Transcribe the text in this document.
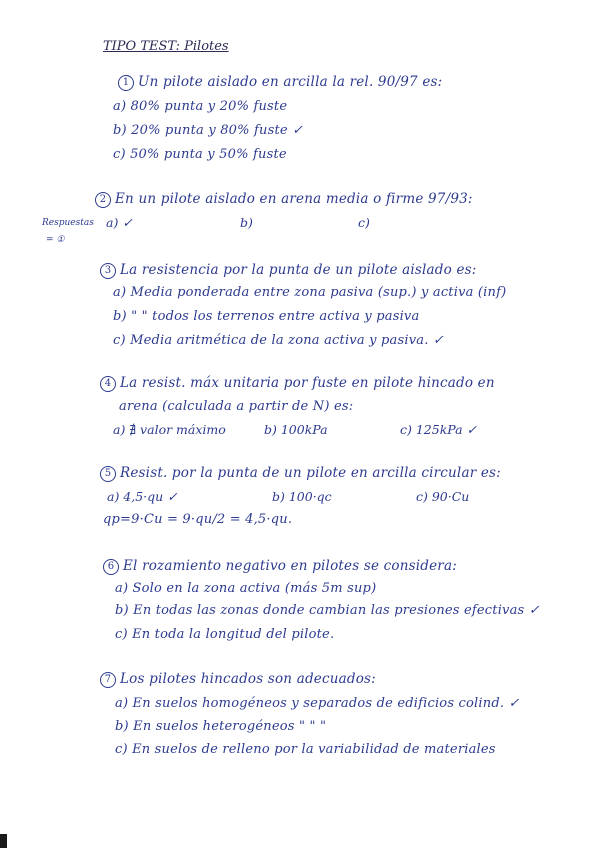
TIPO TEST: Pilotes
1 Un pilote aislado en arcilla la rel. 90/97 es:
a) 80% punta y 20% fuste
b) 20% punta y 80% fuste ✓
c) 50% punta y 50% fuste
2 En un pilote aislado en arena media o firme 97/93:
Respuestas
= ①
a) ✓	b)	c)
3 La resistencia por la punta de un pilote aislado es:
a) Media ponderada entre zona pasiva (sup.) y activa (inf)
b) " " todos los terrenos entre activa y pasiva
c) Media aritmética de la zona activa y pasiva. ✓
4 La resist. máx unitaria por fuste en pilote hincado en
arena (calculada a partir de N) es:
a) ∄ valor máximo	b) 100kPa	c) 125kPa ✓
5 Resist. por la punta de un pilote en arcilla circular es:
a) 4,5·qu ✓	b) 100·qc	c) 90·Cu
qp=9·Cu = 9·qu/2 = 4,5·qu.
6 El rozamiento negativo en pilotes se considera:
a) Solo en la zona activa (más 5m sup)
b) En todas las zonas donde cambian las presiones efectivas ✓
c) En toda la longitud del pilote.
7 Los pilotes hincados son adecuados:
a) En suelos homogéneos y separados de edificios colind. ✓
b) En suelos heterogéneos " " "
c) En suelos de relleno por la variabilidad de materiales
